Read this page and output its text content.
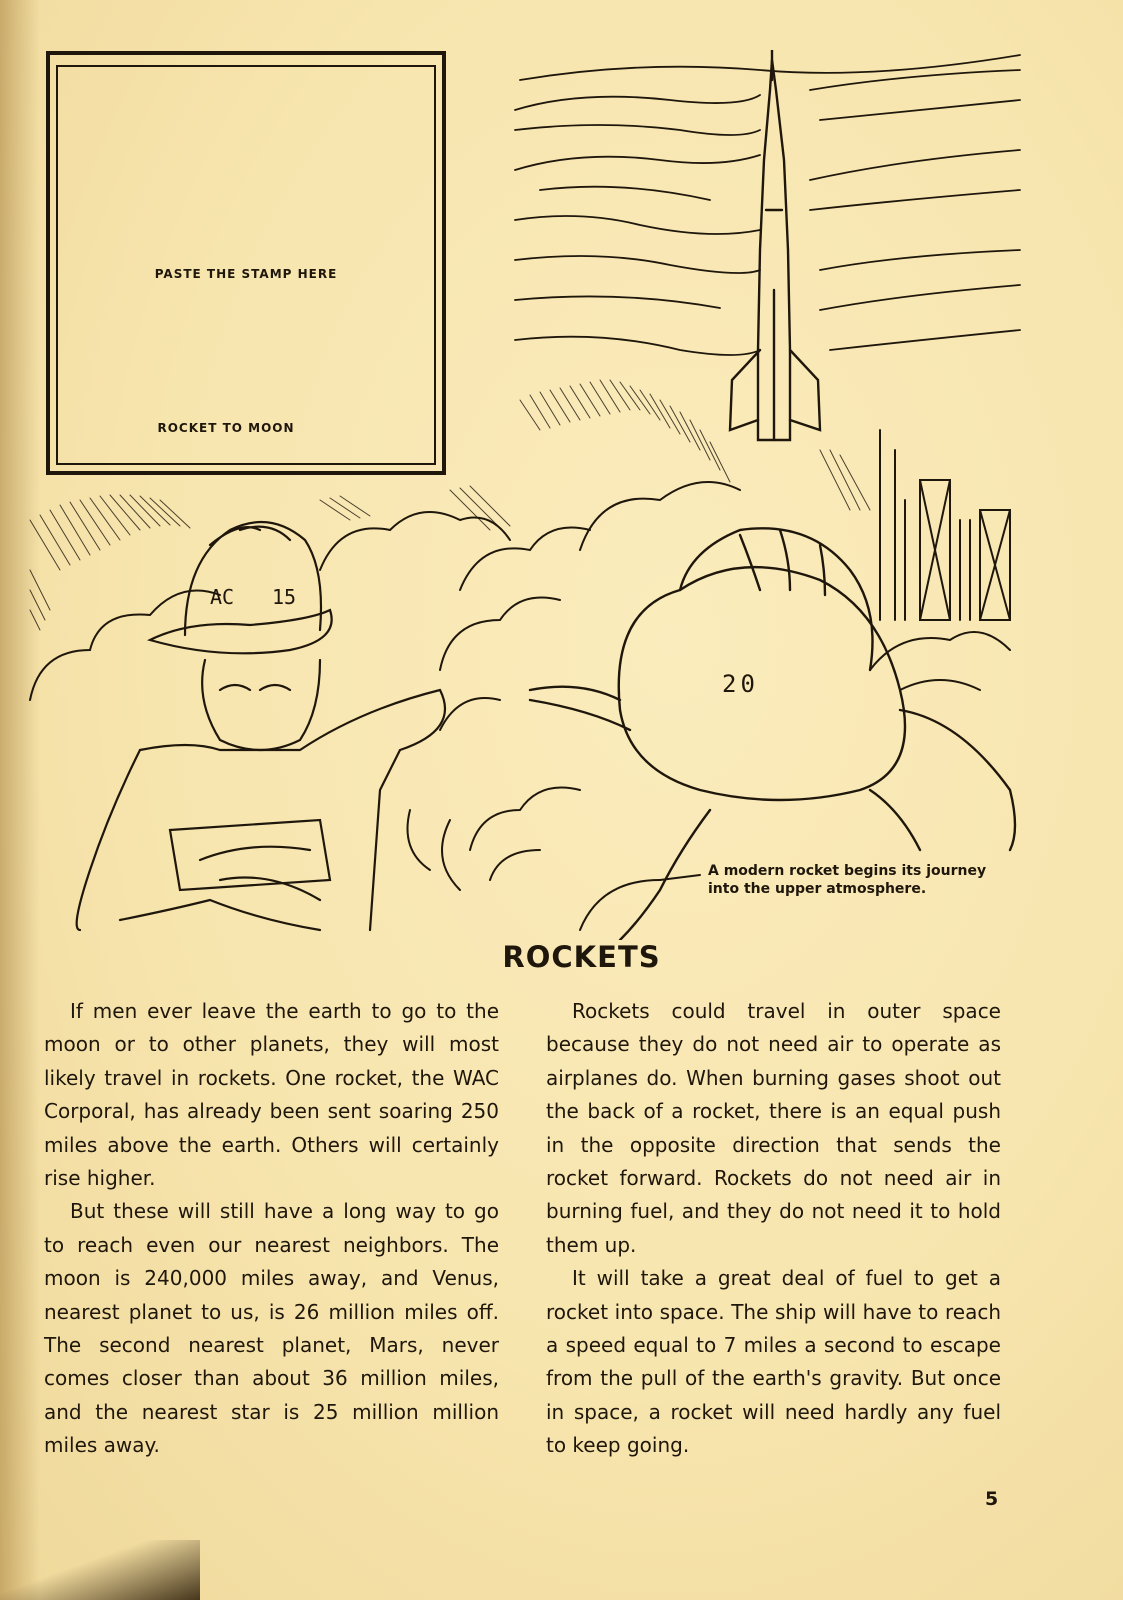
PASTE THE STAMP HERE
ROCKET TO MOON
AC 15
20
A modern rocket begins its journey into the upper atmosphere.
ROCKETS

If men ever leave the earth to go to the moon or to other planets, they will most likely travel in rockets. One rocket, the WAC Corporal, has already been sent soaring 250 miles above the earth. Others will certainly rise higher.

But these will still have a long way to go to reach even our nearest neighbors. The moon is 240,000 miles away, and Venus, nearest planet to us, is 26 million miles off. The second nearest planet, Mars, never comes closer than about 36 million miles, and the nearest star is 25 million million miles away.

Rockets could travel in outer space because they do not need air to operate as airplanes do. When burning gases shoot out the back of a rocket, there is an equal push in the opposite direction that sends the rocket forward. Rockets do not need air in burning fuel, and they do not need it to hold them up.

It will take a great deal of fuel to get a rocket into space. The ship will have to reach a speed equal to 7 miles a second to escape from the pull of the earth's gravity. But once in space, a rocket will need hardly any fuel to keep going.

5
